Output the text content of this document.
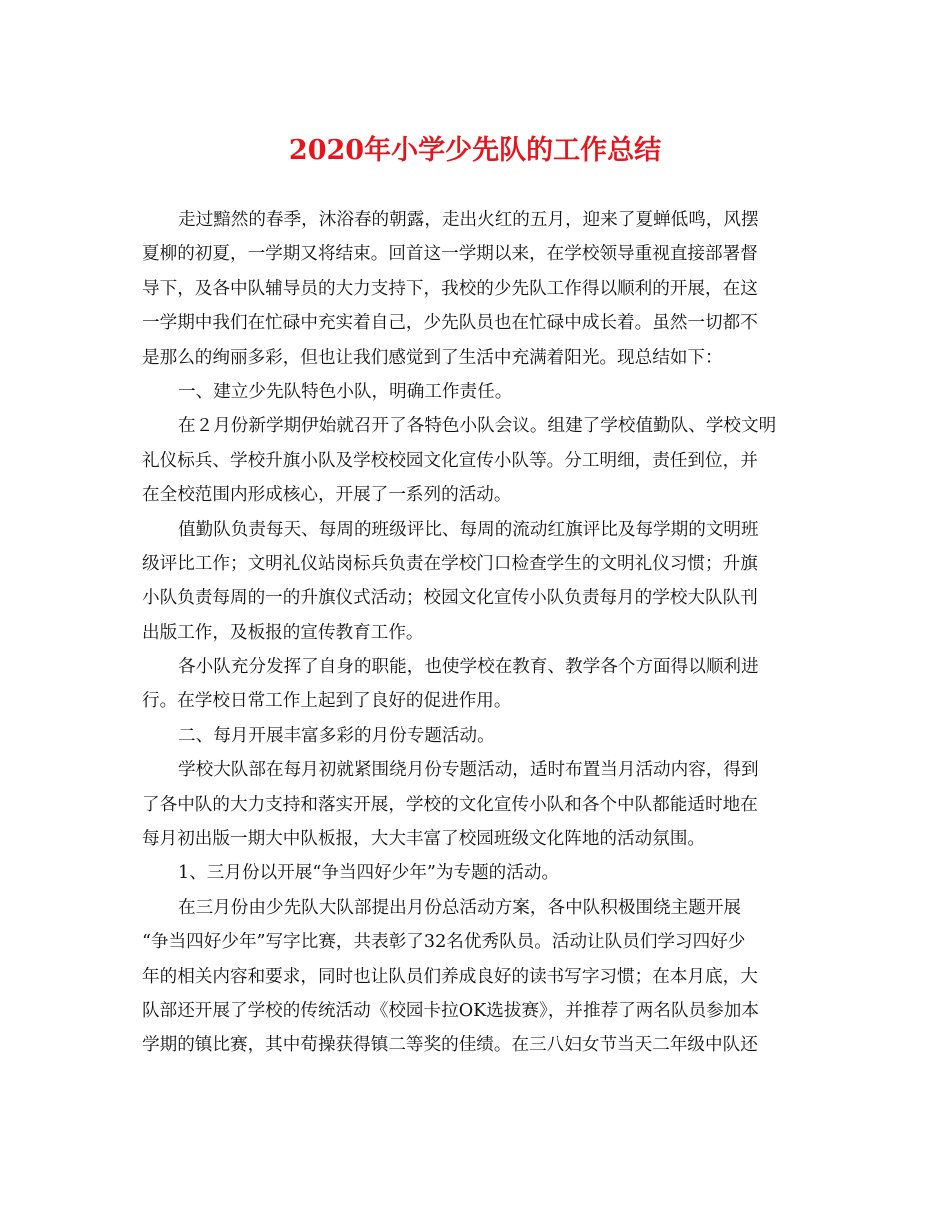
2020年小学少先队的工作总结
走过黯然的春季，沐浴春的朝露，走出火红的五月，迎来了夏蝉低鸣，风摆
夏柳的初夏，一学期又将结束。回首这一学期以来，在学校领导重视直接部署督
导下，及各中队辅导员的大力支持下，我校的少先队工作得以顺利的开展，在这
一学期中我们在忙碌中充实着自己，少先队员也在忙碌中成长着。虽然一切都不
是那么的绚丽多彩，但也让我们感觉到了生活中充满着阳光。现总结如下：
一、建立少先队特色小队，明确工作责任。
在２月份新学期伊始就召开了各特色小队会议。组建了学校值勤队、学校文明
礼仪标兵、学校升旗小队及学校校园文化宣传小队等。分工明细，责任到位，并
在全校范围内形成核心，开展了一系列的活动。
值勤队负责每天、每周的班级评比、每周的流动红旗评比及每学期的文明班
级评比工作；文明礼仪站岗标兵负责在学校门口检查学生的文明礼仪习惯；升旗
小队负责每周的一的升旗仪式活动；校园文化宣传小队负责每月的学校大队队刊
出版工作，及板报的宣传教育工作。
各小队充分发挥了自身的职能，也使学校在教育、教学各个方面得以顺利进
行。在学校日常工作上起到了良好的促进作用。
二、每月开展丰富多彩的月份专题活动。
学校大队部在每月初就紧围绕月份专题活动，适时布置当月活动内容，得到
了各中队的大力支持和落实开展，学校的文化宣传小队和各个中队都能适时地在
每月初出版一期大中队板报，大大丰富了校园班级文化阵地的活动氛围。
1、三月份以开展“争当四好少年”为专题的活动。
在三月份由少先队大队部提出月份总活动方案，各中队积极围绕主题开展
“争当四好少年”写字比赛，共表彰了32名优秀队员。活动让队员们学习四好少
年的相关内容和要求，同时也让队员们养成良好的读书写字习惯；在本月底，大
队部还开展了学校的传统活动《校园卡拉OK选拔赛》，并推荐了两名队员参加本
学期的镇比赛，其中荀操获得镇二等奖的佳绩。在三八妇女节当天二年级中队还
